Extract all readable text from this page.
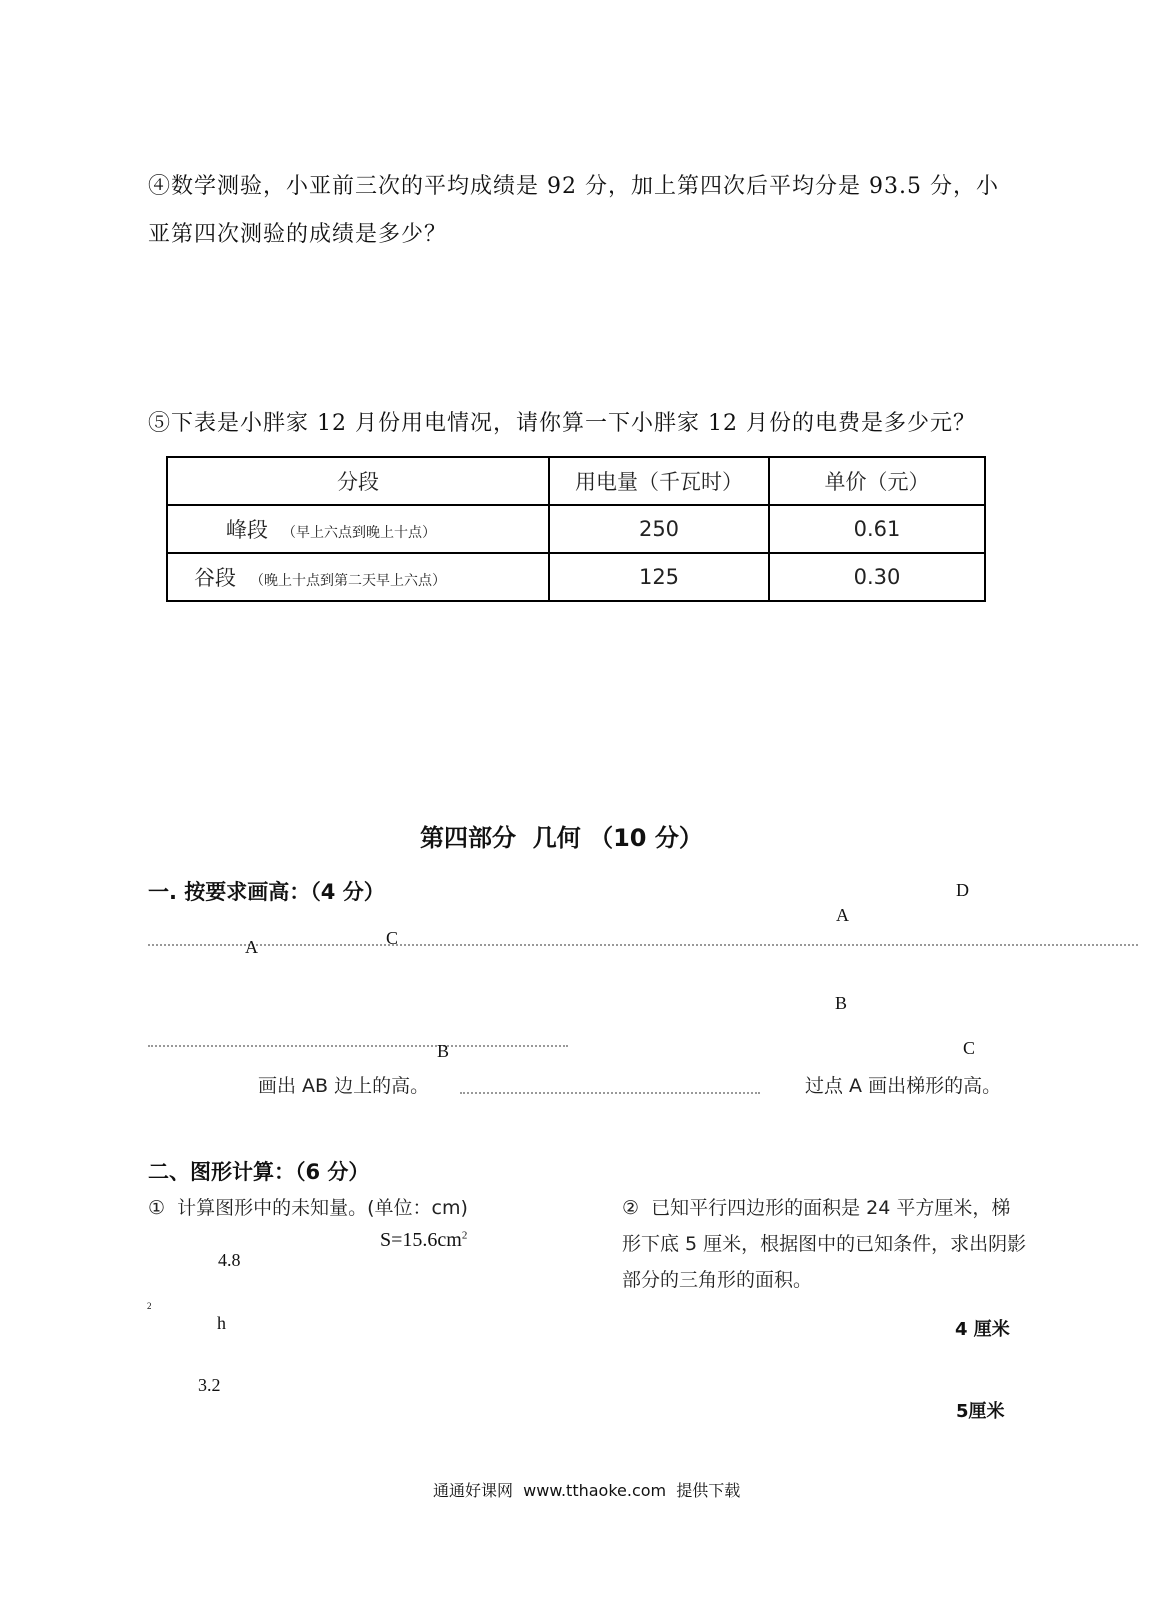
④数学测验，小亚前三次的平均成绩是 92 分，加上第四次后平均分是 93.5 分，小
亚第四次测验的成绩是多少？
⑤下表是小胖家 12 月份用电情况，请你算一下小胖家 12 月份的电费是多少元？
分段	用电量（千瓦时）	单价（元）
峰段 （早上六点到晚上十点）	250	0.61
谷段 （晚上十点到第二天早上六点）	125	0.30
第四部分  几何 （10 分）
一. 按要求画高：（4 分）
A	C
B
A
D
B
C
画出 AB 边上的高。	过点 A 画出梯形的高。
二、图形计算：（6 分）
①  计算图形中的未知量。(单位：cm)
$S=15.6cm^2$
4.8
2
h
3.2
②  已知平行四边形的面积是 24 平方厘米，梯
形下底 5 厘米，根据图中的已知条件，求出阴影
部分的三角形的面积。
4 厘米
5厘米
通通好课网  www.tthaoke.com  提供下载
